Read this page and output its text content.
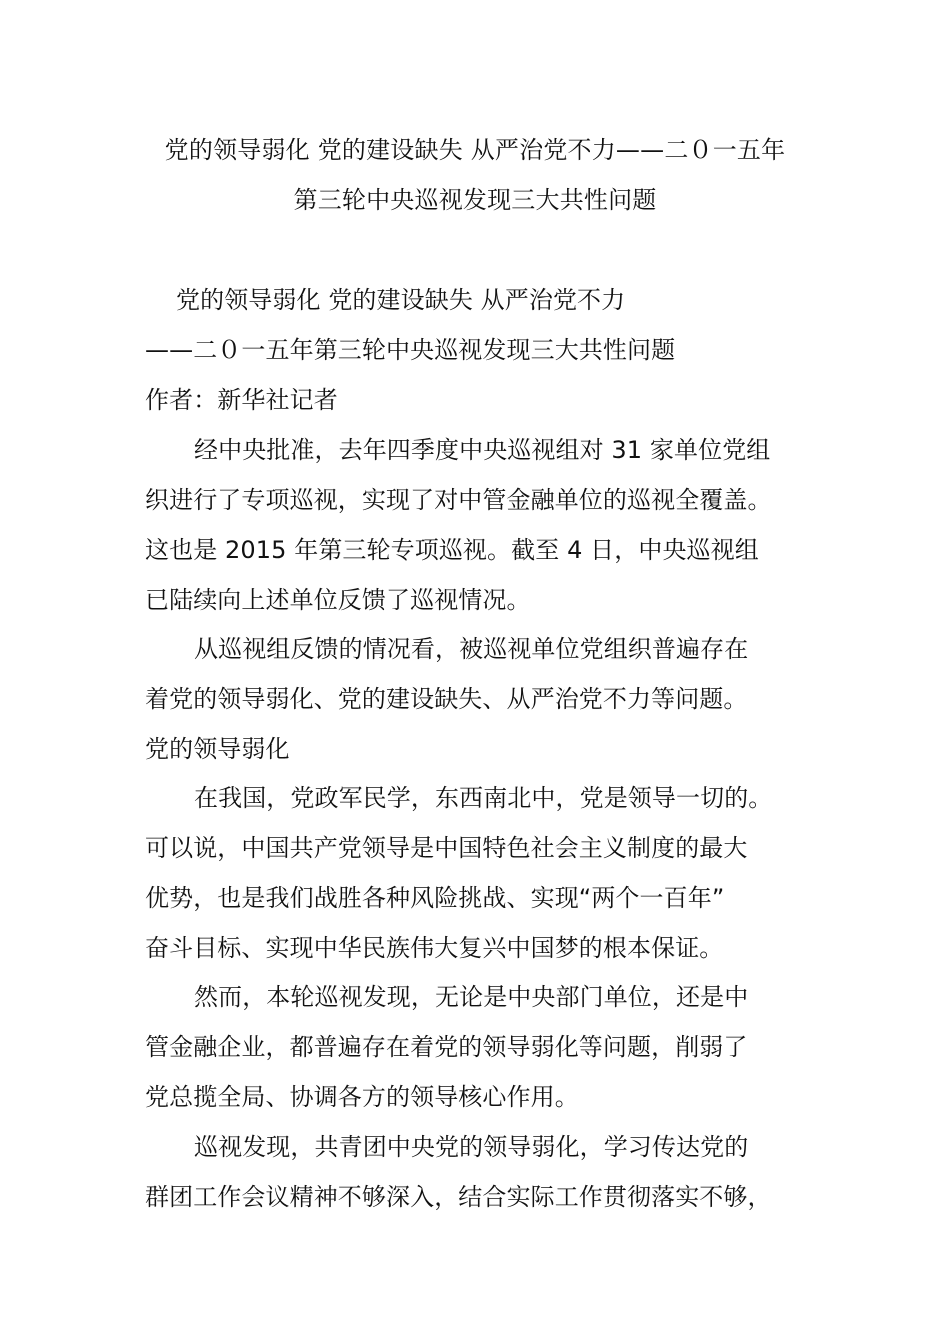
党的领导弱化 党的建设缺失 从严治党不力——二０一五年
第三轮中央巡视发现三大共性问题
党的领导弱化 党的建设缺失 从严治党不力
——二０一五年第三轮中央巡视发现三大共性问题
作者：新华社记者
经中央批准，去年四季度中央巡视组对 31 家单位党组
织进行了专项巡视，实现了对中管金融单位的巡视全覆盖。
这也是 2015 年第三轮专项巡视。截至 4 日，中央巡视组
已陆续向上述单位反馈了巡视情况。
从巡视组反馈的情况看，被巡视单位党组织普遍存在
着党的领导弱化、党的建设缺失、从严治党不力等问题。
党的领导弱化
在我国，党政军民学，东西南北中，党是领导一切的。
可以说，中国共产党领导是中国特色社会主义制度的最大
优势，也是我们战胜各种风险挑战、实现“两个一百年”
奋斗目标、实现中华民族伟大复兴中国梦的根本保证。
然而，本轮巡视发现，无论是中央部门单位，还是中
管金融企业，都普遍存在着党的领导弱化等问题，削弱了
党总揽全局、协调各方的领导核心作用。
巡视发现，共青团中央党的领导弱化，学习传达党的
群团工作会议精神不够深入，结合实际工作贯彻落实不够，
